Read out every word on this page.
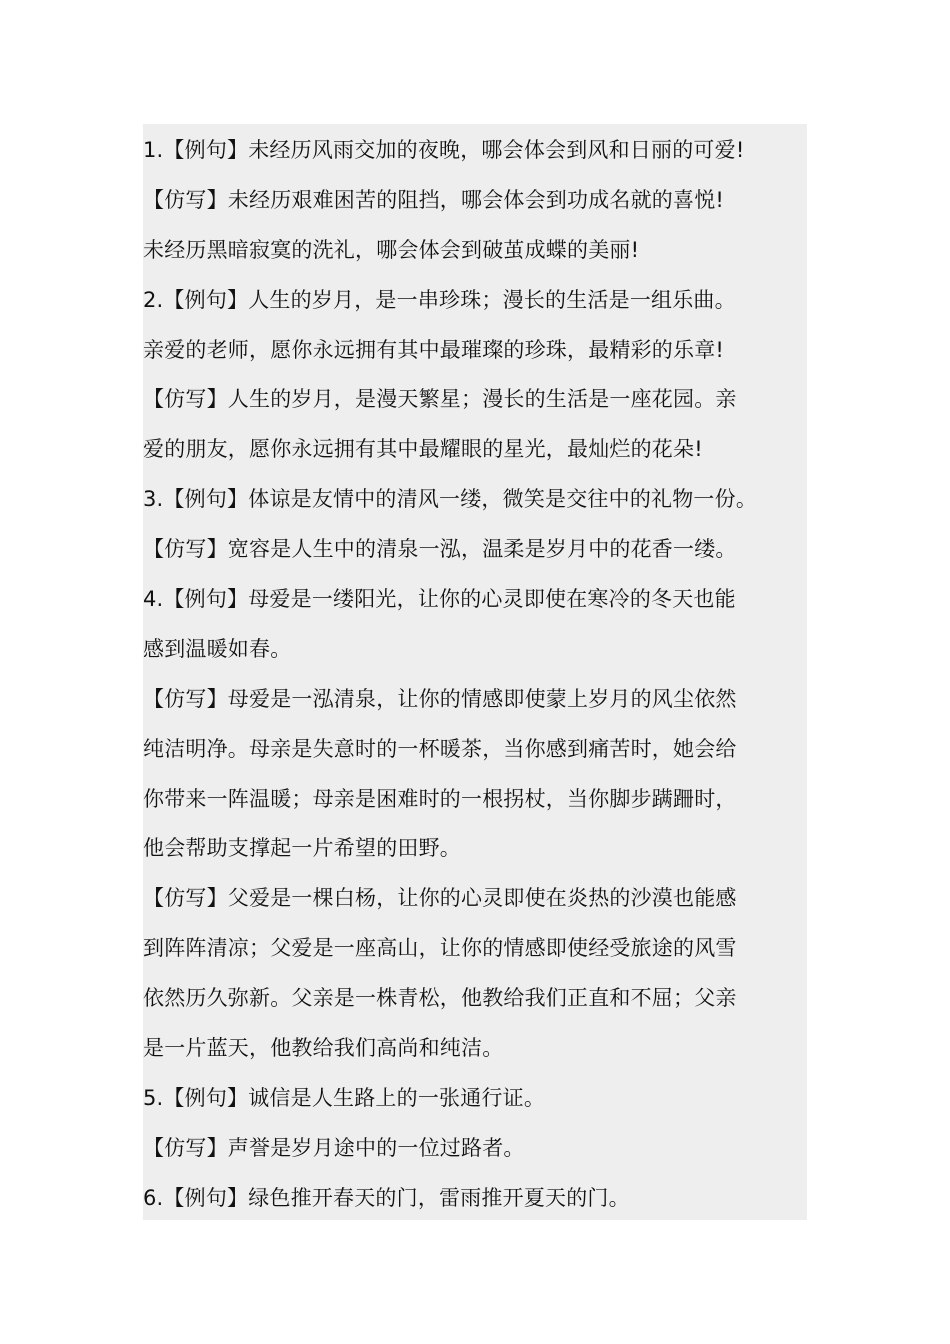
1.【例句】未经历风雨交加的夜晚，哪会体会到风和日丽的可爱!
【仿写】未经历艰难困苦的阻挡，哪会体会到功成名就的喜悦!
未经历黑暗寂寞的洗礼，哪会体会到破茧成蝶的美丽!
2.【例句】人生的岁月，是一串珍珠；漫长的生活是一组乐曲。
亲爱的老师，愿你永远拥有其中最璀璨的珍珠，最精彩的乐章!
【仿写】人生的岁月，是漫天繁星；漫长的生活是一座花园。亲
爱的朋友，愿你永远拥有其中最耀眼的星光，最灿烂的花朵!
3.【例句】体谅是友情中的清风一缕，微笑是交往中的礼物一份。
【仿写】宽容是人生中的清泉一泓，温柔是岁月中的花香一缕。
4.【例句】母爱是一缕阳光，让你的心灵即使在寒冷的冬天也能
感到温暖如春。
【仿写】母爱是一泓清泉，让你的情感即使蒙上岁月的风尘依然
纯洁明净。母亲是失意时的一杯暖茶，当你感到痛苦时，她会给
你带来一阵温暖；母亲是困难时的一根拐杖，当你脚步蹒跚时，
他会帮助支撑起一片希望的田野。
【仿写】父爱是一棵白杨，让你的心灵即使在炎热的沙漠也能感
到阵阵清凉；父爱是一座高山，让你的情感即使经受旅途的风雪
依然历久弥新。父亲是一株青松，他教给我们正直和不屈；父亲
是一片蓝天，他教给我们高尚和纯洁。
5.【例句】诚信是人生路上的一张通行证。
【仿写】声誉是岁月途中的一位过路者。
6.【例句】绿色推开春天的门，雷雨推开夏天的门。
